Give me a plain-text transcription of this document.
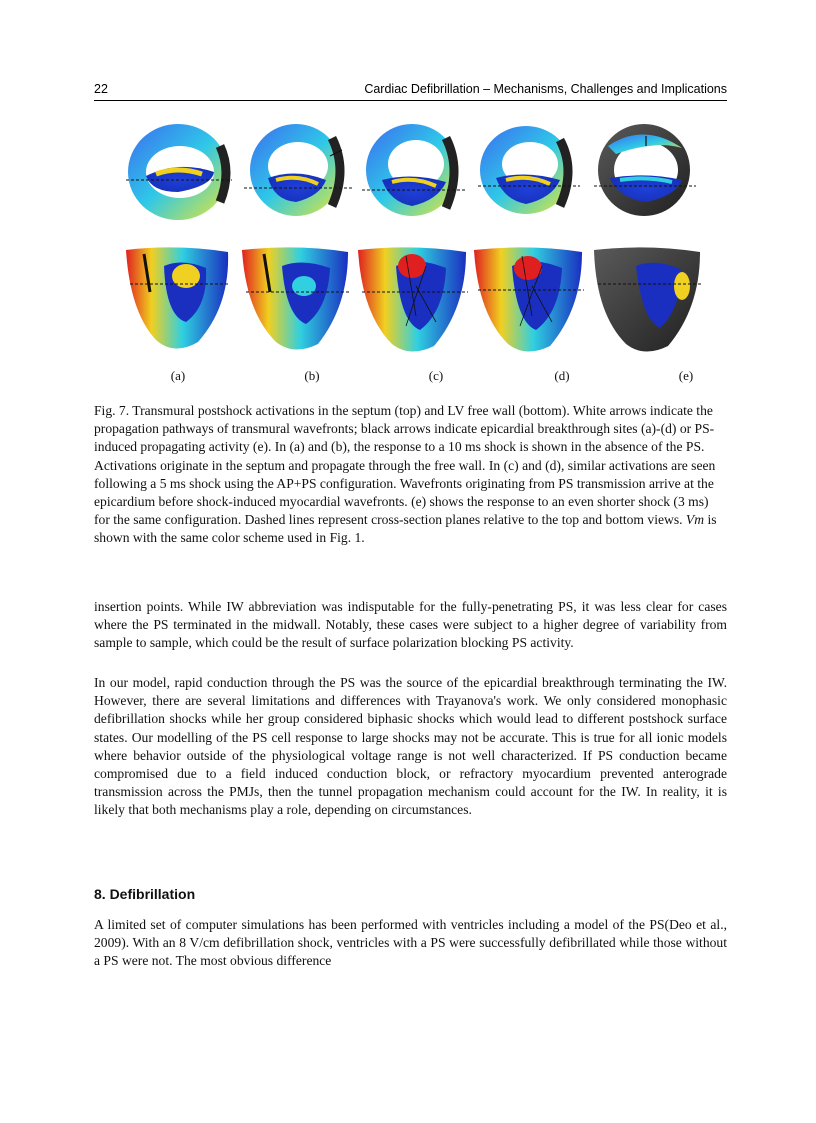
22	Cardiac Defibrillation – Mechanisms, Challenges and Implications
(a)	(b)	(c)	(d)	(e)
Fig. 7. Transmural postshock activations in the septum (top) and LV free wall (bottom). White arrows indicate the propagation pathways of transmural wavefronts; black arrows indicate epicardial breakthrough sites (a)-(d) or PS-induced propagating activity (e). In (a) and (b), the response to a 10 ms shock is shown in the absence of the PS. Activations originate in the septum and propagate through the free wall. In (c) and (d), similar activations are seen following a 5 ms shock using the AP+PS configuration. Wavefronts originating from PS transmission arrive at the epicardium before shock-induced myocardial wavefronts. (e) shows the response to an even shorter shock (3 ms) for the same configuration. Dashed lines represent cross-section planes relative to the top and bottom views. Vm is shown with the same color scheme used in Fig. 1.

insertion points. While IW abbreviation was indisputable for the fully-penetrating PS, it was less clear for cases where the PS terminated in the midwall. Notably, these cases were subject to a higher degree of variability from sample to sample, which could be the result of surface polarization blocking PS activity.

In our model, rapid conduction through the PS was the source of the epicardial breakthrough terminating the IW. However, there are several limitations and differences with Trayanova's work. We only considered monophasic defibrillation shocks while her group considered biphasic shocks which would lead to different postshock surface states. Our modelling of the PS cell response to large shocks may not be accurate. This is true for all ionic models where behavior outside of the physiological voltage range is not well characterized. If PS conduction became compromised due to a field induced conduction block, or refractory myocardium prevented anterograde transmission across the PMJs, then the tunnel propagation mechanism could account for the IW. In reality, it is likely that both mechanisms play a role, depending on circumstances.

8. Defibrillation

A limited set of computer simulations has been performed with ventricles including a model of the PS(Deo et al., 2009). With an 8 V/cm defibrillation shock, ventricles with a PS were successfully defibrillated while those without a PS were not. The most obvious difference
